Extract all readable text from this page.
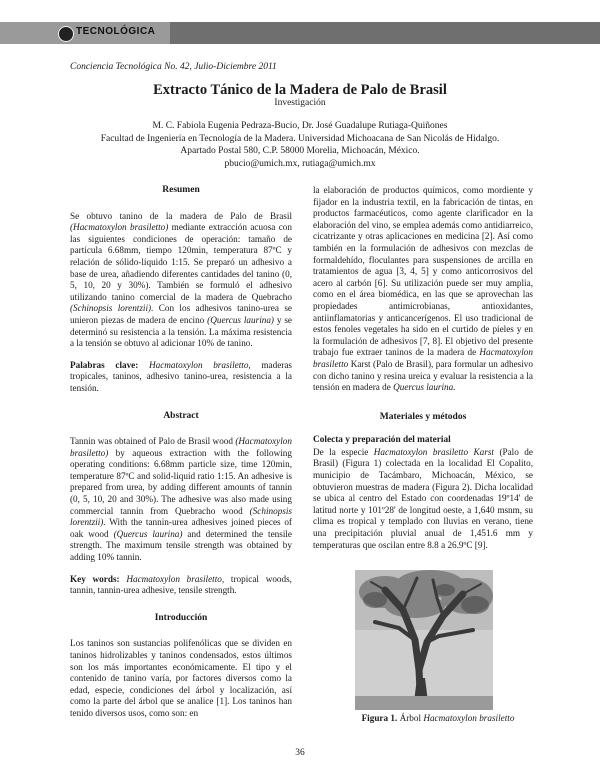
TECNOLÓGICA
Conciencia Tecnológica No. 42, Julio-Diciembre 2011
Extracto Tánico de la Madera de Palo de Brasil
Investigación
M. C. Fabiola Eugenia Pedraza-Bucio, Dr. José Guadalupe Rutiaga-Quiñones
Facultad de Ingeniería en Tecnología de la Madera. Universidad Michoacana de San Nicolás de Hidalgo.
Apartado Postal 580, C.P. 58000 Morelia, Michoacán, México.
pbucio@umich.mx, rutiaga@umich.mx
Resumen

Se obtuvo tanino de la madera de Palo de Brasil (Hacmatoxylon brasiletto) mediante extracción acuosa con las siguientes condiciones de operación: tamaño de partícula 6.68mm, tiempo 120min, temperatura 87ºC y relación de sólido-líquido 1:15. Se preparó un adhesivo a base de urea, añadiendo diferentes cantidades del tanino (0, 5, 10, 20 y 30%). También se formuló el adhesivo utilizando tanino comercial de la madera de Quebracho (Schinopsis lorentzii). Con los adhesivos tanino-urea se unieron piezas de madera de encino (Quercus laurina) y se determinó su resistencia a la tensión. La máxima resistencia a la tensión se obtuvo al adicionar 10% de tanino.

Palabras clave: Hacmatoxylon brasiletto, maderas tropicales, taninos, adhesivo tanino-urea, resistencia a la tensión.

Abstract

Tannin was obtained of Palo de Brasil wood (Hacmatoxylon brasiletto) by aqueous extraction with the following operating conditions: 6.68mm particle size, time 120min, temperature 87ºC and solid-liquid ratio 1:15. An adhesive is prepared from urea, by adding different amounts of tannin (0, 5, 10, 20 and 30%). The adhesive was also made using commercial tannin from Quebracho wood (Schinopsis lorentzii). With the tannin-urea adhesives joined pieces of oak wood (Quercus laurina) and determined the tensile strength. The maximum tensile strength was obtained by adding 10% tannin.

Key words: Hacmatoxylon brasiletto, tropical woods, tannin, tannin-urea adhesive, tensile strength.

Introducción

Los taninos son sustancias polifenólicas que se dividen en taninos hidrolizables y taninos condensados, estos últimos son los más importantes económicamente. El tipo y el contenido de tanino varía, por factores diversos como la edad, especie, condiciones del árbol y localización, así como la parte del árbol que se analice [1]. Los taninos han tenido diversos usos, como son: en

la elaboración de productos químicos, como mordiente y fijador en la industria textil, en la fabricación de tintas, en productos farmacéuticos, como agente clarificador en la elaboración del vino, se emplea además como antidiarreico, cicatrizante y otras aplicaciones en medicina [2]. Así como también en la formulación de adhesivos con mezclas de formaldehído, floculantes para suspensiones de arcilla en tratamientos de agua [3, 4, 5] y como anticorrosivos del acero al carbón [6]. Su utilización puede ser muy amplia, como en el área biomédica, en las que se aprovechan las propiedades antimicrobianas, antioxidantes, antiinflamatorias y anticancerígenos. El uso tradicional de estos fenoles vegetales ha sido en el curtido de pieles y en la formulación de adhesivos [7, 8]. El objetivo del presente trabajo fue extraer taninos de la madera de Hacmatoxylon brasiletto Karst (Palo de Brasil), para formular un adhesivo con dicho tanino y resina ureica y evaluar la resistencia a la tensión en madera de Quercus laurina.

Materiales y métodos
Colecta y preparación del material

De la especie Hacmatoxylon brasiletto Karst (Palo de Brasil) (Figura 1) colectada en la localidad El Copalito, municipio de Tacámbaro, Michoacán, México, se obtuvieron muestras de madera (Figura 2). Dicha localidad se ubica al centro del Estado con coordenadas 19º14' de latitud norte y 101º28' de longitud oeste, a 1,640 msnm, su clima es tropical y templado con lluvias en verano, tiene una precipitación pluvial anual de 1,451.6 mm y temperaturas que oscilan entre 8.8 a 26.9ºC [9].

Figura 1. Árbol Hacmatoxylon brasiletto
36
